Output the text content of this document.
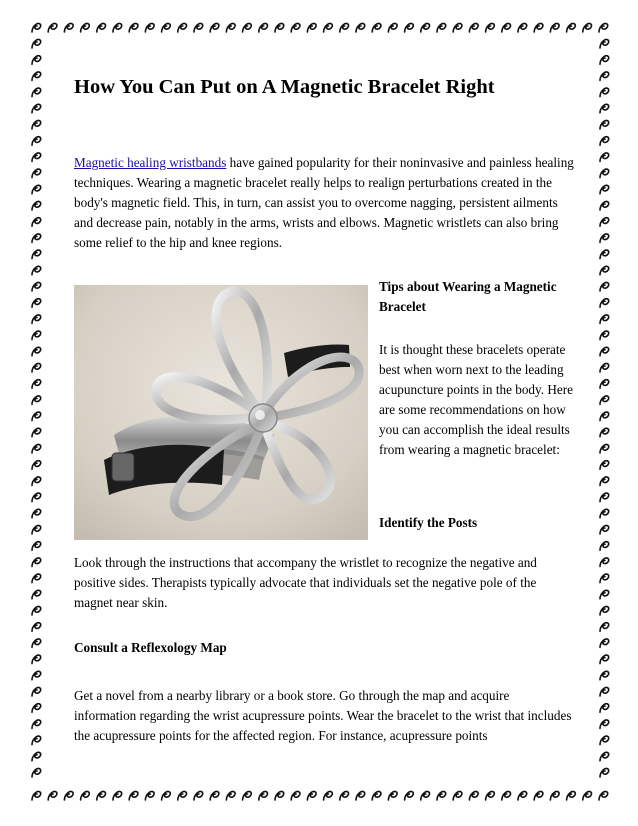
How You Can Put on A Magnetic Bracelet Right

Magnetic healing wristbands have gained popularity for their noninvasive and painless healing techniques. Wearing a magnetic bracelet really helps to realign perturbations created in the body's magnetic field. This, in turn, can assist you to overcome nagging, persistent ailments and decrease pain, notably in the arms, wrists and elbows. Magnetic wristlets can also bring some relief to the hip and knee regions.

Tips about Wearing a Magnetic Bracelet

It is thought these bracelets operate best when worn next to the leading acupuncture points in the body. Here are some recommendations on how you can accomplish the ideal results from wearing a magnetic bracelet:

Identify the Posts

Look through the instructions that accompany the wristlet to recognize the negative and positive sides. Therapists typically advocate that individuals set the negative pole of the magnet near skin.

Consult a Reflexology Map

Get a novel from a nearby library or a book store. Go through the map and acquire information regarding the wrist acupressure points. Wear the bracelet to the wrist that includes the acupressure points for the affected region. For instance, acupressure points
